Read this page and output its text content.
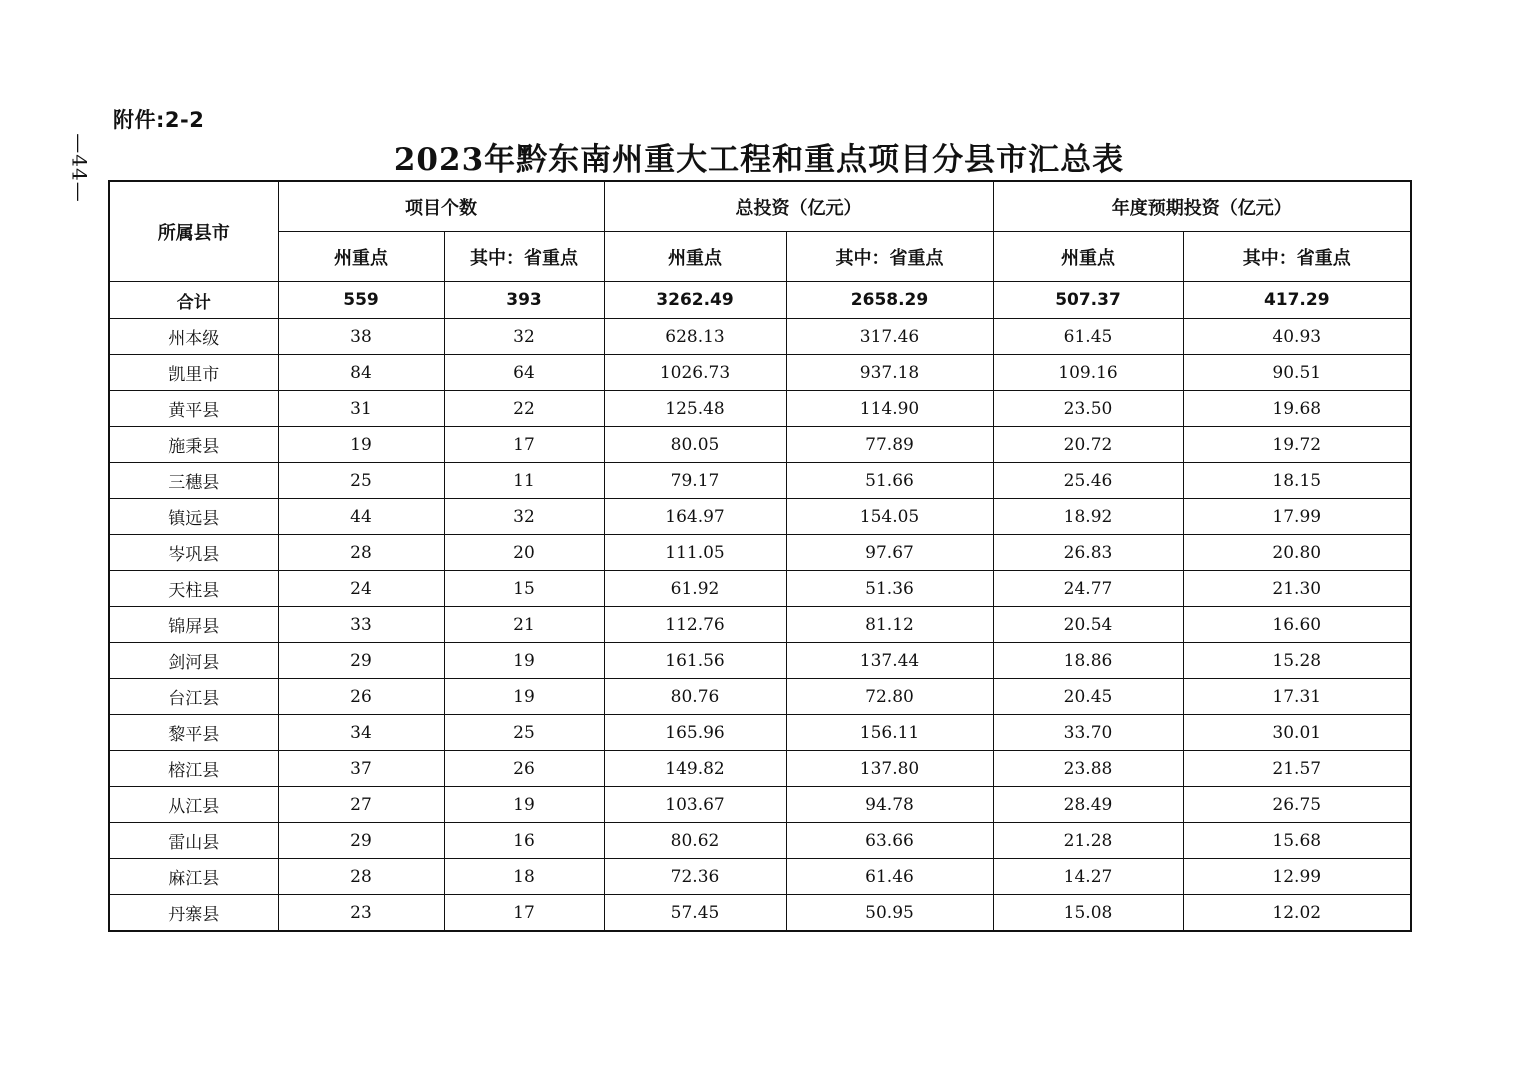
附件:2-2
—44—	2023年黔东南州重大工程和重点项目分县市汇总表
所属县市	项目个数		总投资（亿元）		年度预期投资（亿元）	
	州重点	其中：省重点	州重点	其中：省重点	州重点	其中：省重点
合计	559	393	3262.49	2658.29	507.37	417.29
州本级	38	32	628.13	317.46	61.45	40.93
凯里市	84	64	1026.73	937.18	109.16	90.51
黄平县	31	22	125.48	114.90	23.50	19.68
施秉县	19	17	80.05	77.89	20.72	19.72
三穗县	25	11	79.17	51.66	25.46	18.15
镇远县	44	32	164.97	154.05	18.92	17.99
岑巩县	28	20	111.05	97.67	26.83	20.80
天柱县	24	15	61.92	51.36	24.77	21.30
锦屏县	33	21	112.76	81.12	20.54	16.60
剑河县	29	19	161.56	137.44	18.86	15.28
台江县	26	19	80.76	72.80	20.45	17.31
黎平县	34	25	165.96	156.11	33.70	30.01
榕江县	37	26	149.82	137.80	23.88	21.57
从江县	27	19	103.67	94.78	28.49	26.75
雷山县	29	16	80.62	63.66	21.28	15.68
麻江县	28	18	72.36	61.46	14.27	12.99
丹寨县	23	17	57.45	50.95	15.08	12.02
